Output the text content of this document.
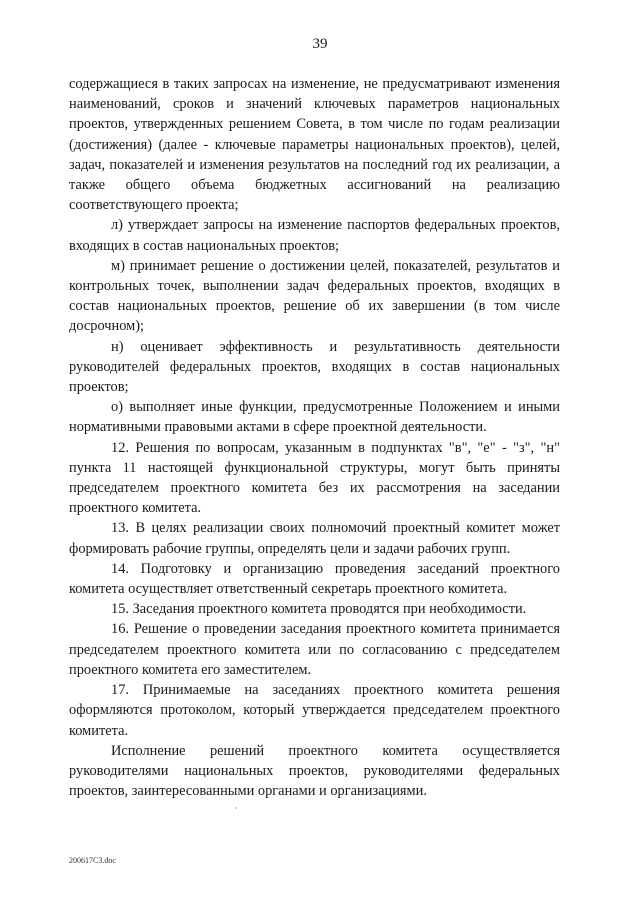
39

содержащиеся в таких запросах на изменение, не предусматривают изменения наименований, сроков и значений ключевых параметров национальных проектов, утвержденных решением Совета, в том числе по годам реализации (достижения) (далее - ключевые параметры национальных проектов), целей, задач, показателей и изменения результатов на последний год их реализации, а также общего объема бюджетных ассигнований на реализацию соответствующего проекта;

л) утверждает запросы на изменение паспортов федеральных проектов, входящих в состав национальных проектов;

м) принимает решение о достижении целей, показателей, результатов и контрольных точек, выполнении задач федеральных проектов, входящих в состав национальных проектов, решение об их завершении (в том числе досрочном);

н) оценивает эффективность и результативность деятельности руководителей федеральных проектов, входящих в состав национальных проектов;

о) выполняет иные функции, предусмотренные Положением и иными нормативными правовыми актами в сфере проектной деятельности.

12. Решения по вопросам, указанным в подпунктах "в", "е" - "з", "н" пункта 11 настоящей функциональной структуры, могут быть приняты председателем проектного комитета без их рассмотрения на заседании проектного комитета.

13. В целях реализации своих полномочий проектный комитет может формировать рабочие группы, определять цели и задачи рабочих групп.

14. Подготовку и организацию проведения заседаний проектного комитета осуществляет ответственный секретарь проектного комитета.

15. Заседания проектного комитета проводятся при необходимости.

16. Решение о проведении заседания проектного комитета принимается председателем проектного комитета или по согласованию с председателем проектного комитета его заместителем.

17. Принимаемые на заседаниях проектного комитета решения оформляются протоколом, который утверждается председателем проектного комитета.

Исполнение решений проектного комитета осуществляется руководителями национальных проектов, руководителями федеральных проектов, заинтересованными органами и организациями.

200617С3.doc
